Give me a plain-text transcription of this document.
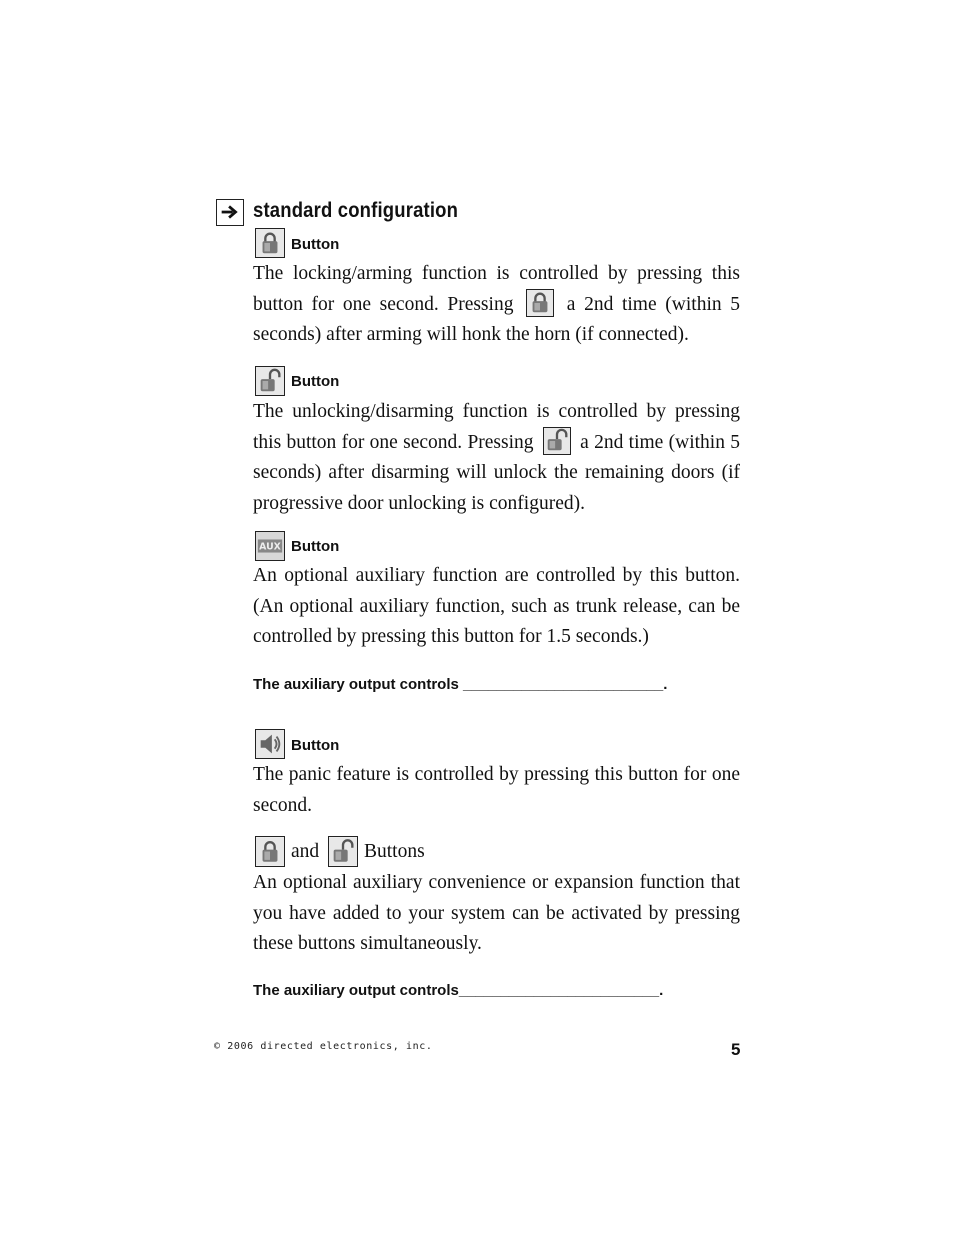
standard configuration
Button
The locking/arming function is controlled by pressing this button for one second. Pressing	a 2nd time (within 5 seconds) after arming will honk the horn (if connected).
Button
The unlocking/disarming function is controlled by pressing this button for one second. Pressing a 2nd time (within 5 seconds) after disarming will unlock the remaining doors (if progressive door unlocking is configured).
AUX Button
An optional auxiliary function are controlled by this button. (An optional auxiliary function, such as trunk release, can be controlled by pressing this button for 1.5 seconds.)
The auxiliary output controls ________________________.
Button
The panic feature is controlled by pressing this button for one second.
and Buttons
An optional auxiliary convenience or expansion function that you have added to your system can be activated by pressing these buttons simultaneously.
The auxiliary output controls________________________.
© 2006 directed electronics, inc.	5
